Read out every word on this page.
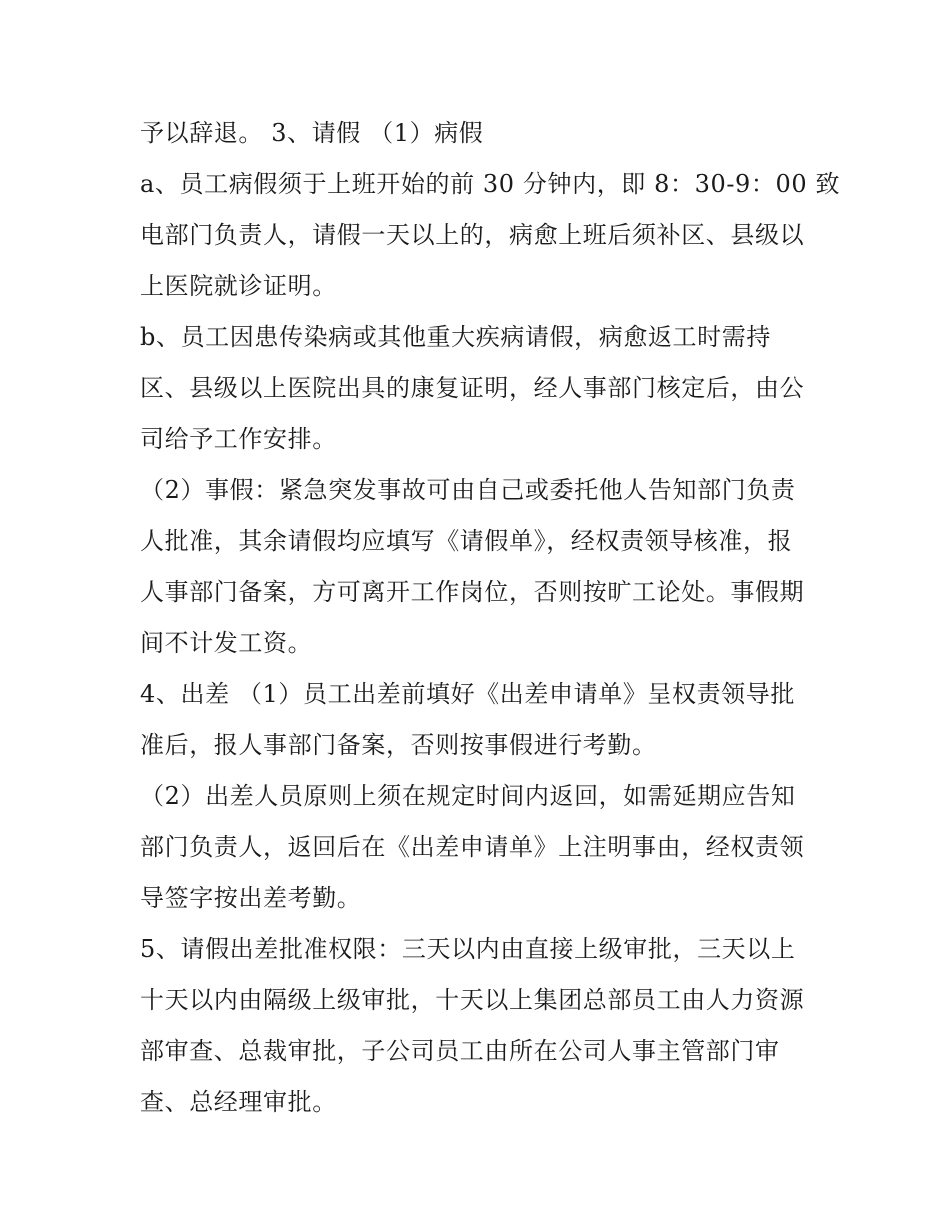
予以辞退。 3、请假 （1）病假
a、员工病假须于上班开始的前 30 分钟内，即 8：30-9：00 致
电部门负责人，请假一天以上的，病愈上班后须补区、县级以
上医院就诊证明。
b、员工因患传染病或其他重大疾病请假，病愈返工时需持
区、县级以上医院出具的康复证明，经人事部门核定后，由公
司给予工作安排。
（2）事假：紧急突发事故可由自己或委托他人告知部门负责
人批准，其余请假均应填写《请假单》，经权责领导核准，报
人事部门备案，方可离开工作岗位，否则按旷工论处。事假期
间不计发工资。
4、出差 （1）员工出差前填好《出差申请单》呈权责领导批
准后，报人事部门备案，否则按事假进行考勤。
（2）出差人员原则上须在规定时间内返回，如需延期应告知
部门负责人，返回后在《出差申请单》上注明事由，经权责领
导签字按出差考勤。
5、请假出差批准权限：三天以内由直接上级审批，三天以上
十天以内由隔级上级审批，十天以上集团总部员工由人力资源
部审查、总裁审批，子公司员工由所在公司人事主管部门审
查、总经理审批。
